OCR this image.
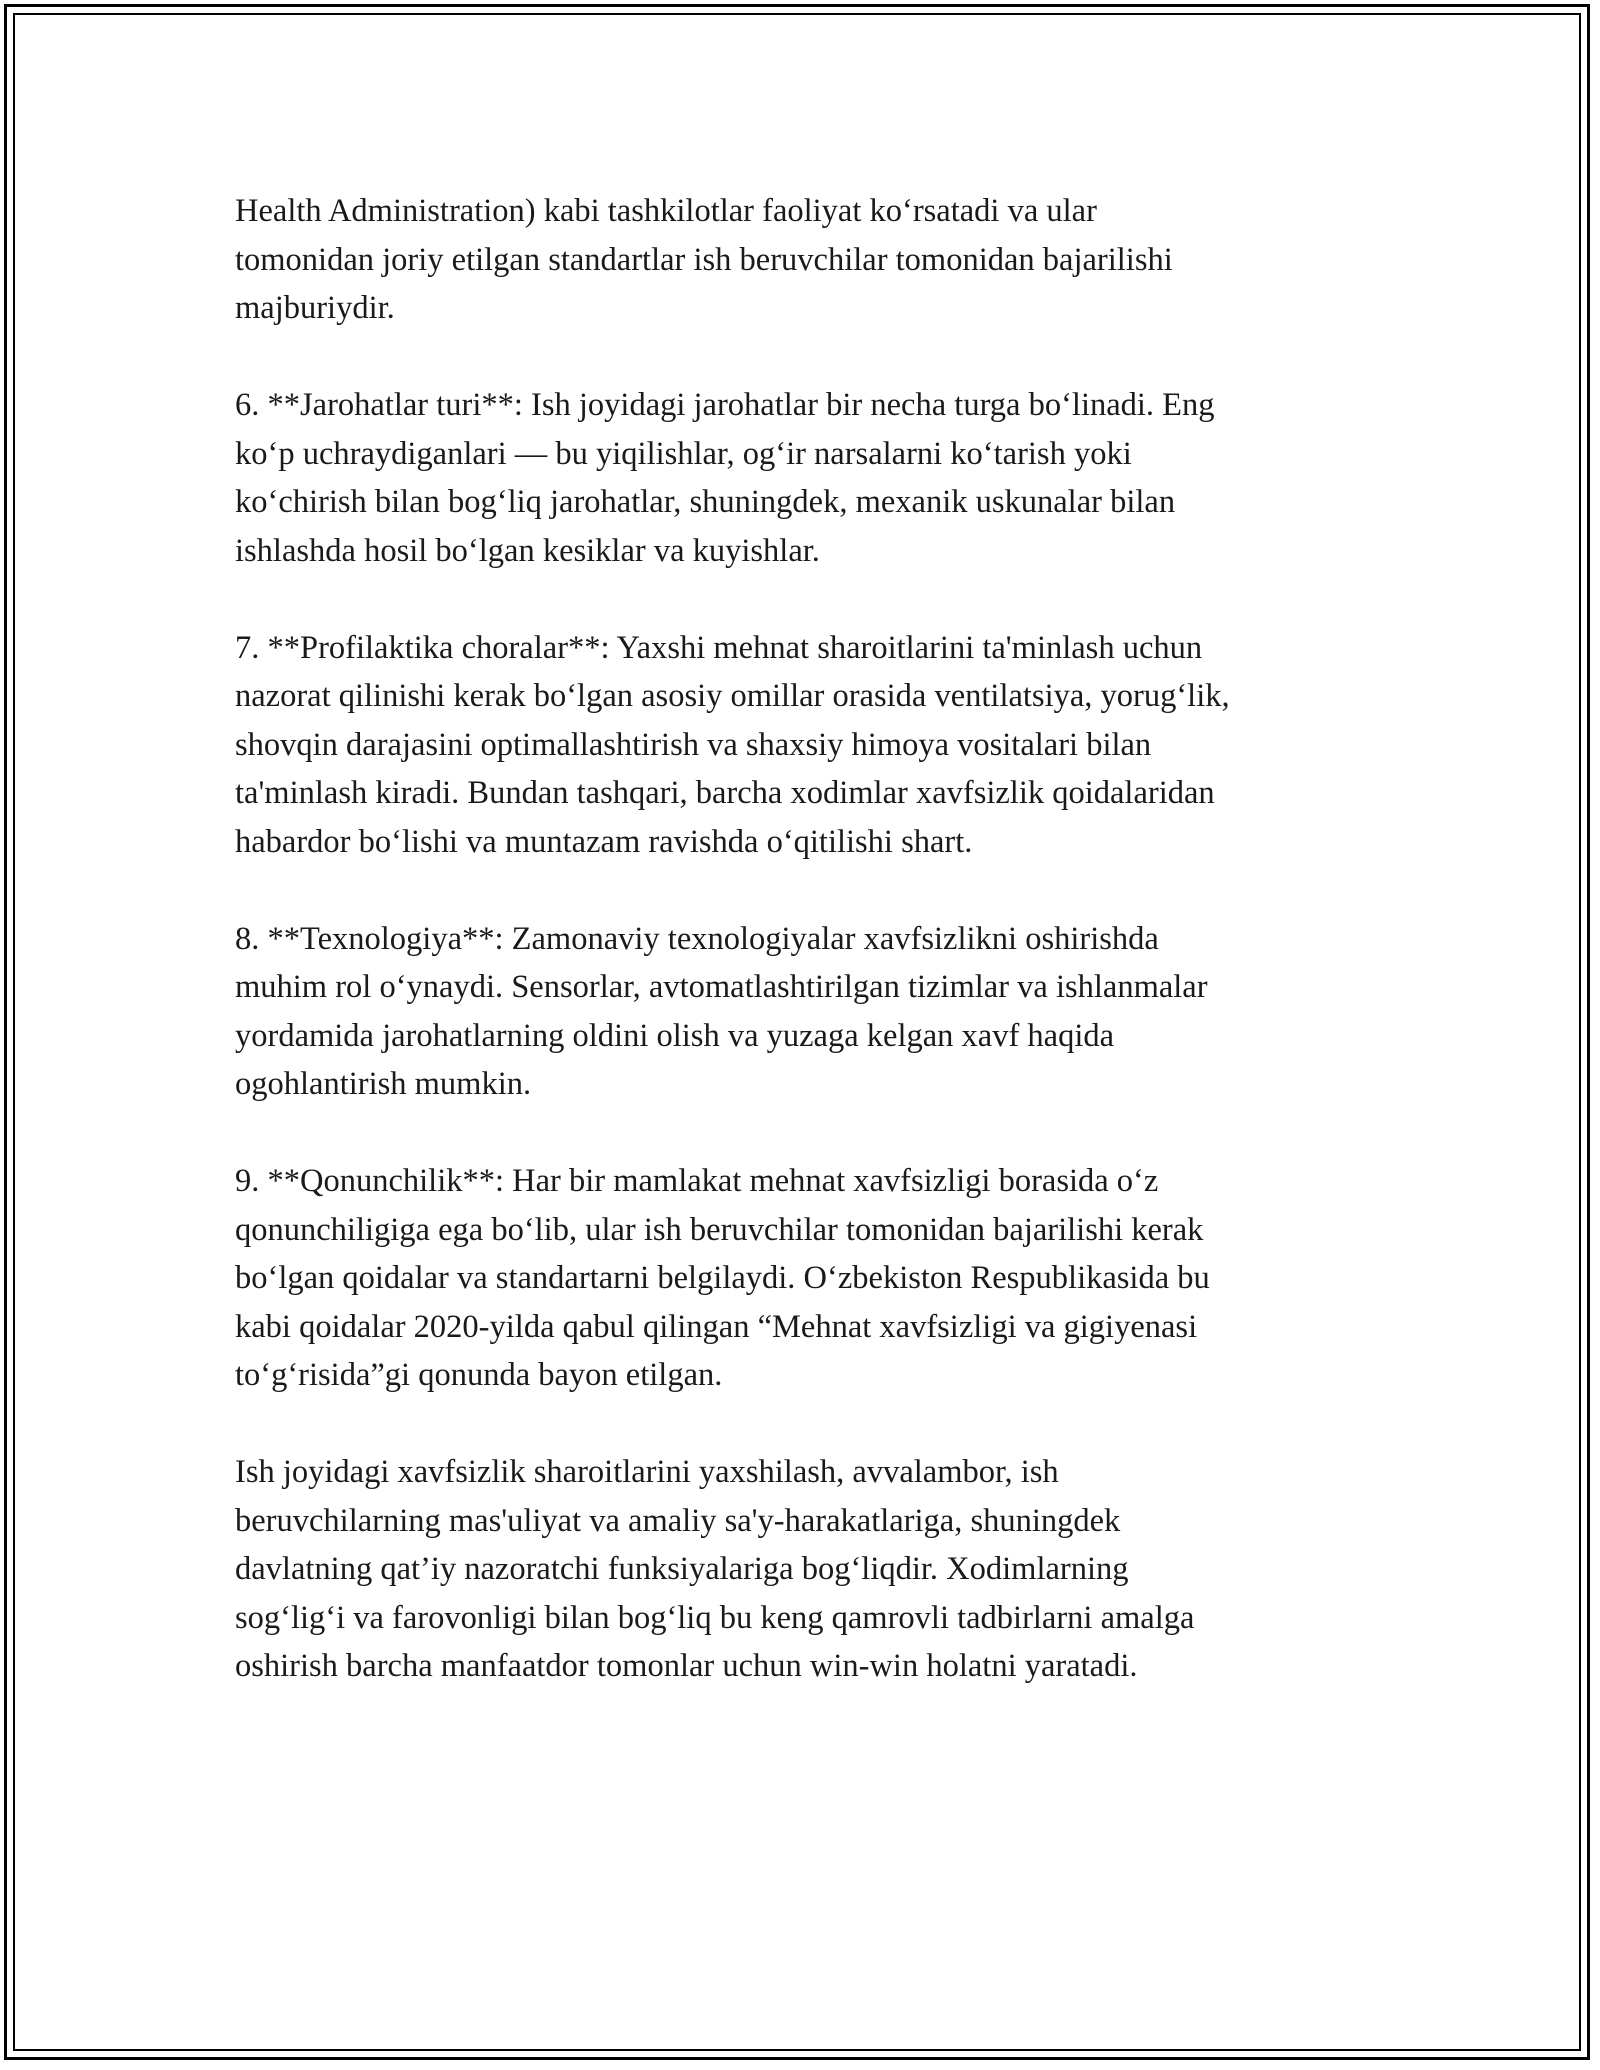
Health Administration) kabi tashkilotlar faoliyat ko‘rsatadi va ular
tomonidan joriy etilgan standartlar ish beruvchilar tomonidan bajarilishi
majburiydir.

6. **Jarohatlar turi**: Ish joyidagi jarohatlar bir necha turga bo‘linadi. Eng
ko‘p uchraydiganlari — bu yiqilishlar, og‘ir narsalarni ko‘tarish yoki
ko‘chirish bilan bog‘liq jarohatlar, shuningdek, mexanik uskunalar bilan
ishlashda hosil bo‘lgan kesiklar va kuyishlar.

7. **Profilaktika choralar**: Yaxshi mehnat sharoitlarini ta'minlash uchun
nazorat qilinishi kerak bo‘lgan asosiy omillar orasida ventilatsiya, yorug‘lik,
shovqin darajasini optimallashtirish va shaxsiy himoya vositalari bilan
ta'minlash kiradi. Bundan tashqari, barcha xodimlar xavfsizlik qoidalaridan
habardor bo‘lishi va muntazam ravishda o‘qitilishi shart.

8. **Texnologiya**: Zamonaviy texnologiyalar xavfsizlikni oshirishda
muhim rol o‘ynaydi. Sensorlar, avtomatlashtirilgan tizimlar va ishlanmalar
yordamida jarohatlarning oldini olish va yuzaga kelgan xavf haqida
ogohlantirish mumkin.

9. **Qonunchilik**: Har bir mamlakat mehnat xavfsizligi borasida o‘z
qonunchiligiga ega bo‘lib, ular ish beruvchilar tomonidan bajarilishi kerak
bo‘lgan qoidalar va standartarni belgilaydi. O‘zbekiston Respublikasida bu
kabi qoidalar 2020-yilda qabul qilingan “Mehnat xavfsizligi va gigiyenasi
to‘g‘risida”gi qonunda bayon etilgan.

Ish joyidagi xavfsizlik sharoitlarini yaxshilash, avvalambor, ish
beruvchilarning mas'uliyat va amaliy sa'y-harakatlariga, shuningdek
davlatning qat’iy nazoratchi funksiyalariga bog‘liqdir. Xodimlarning
sog‘lig‘i va farovonligi bilan bog‘liq bu keng qamrovli tadbirlarni amalga
oshirish barcha manfaatdor tomonlar uchun win-win holatni yaratadi.
